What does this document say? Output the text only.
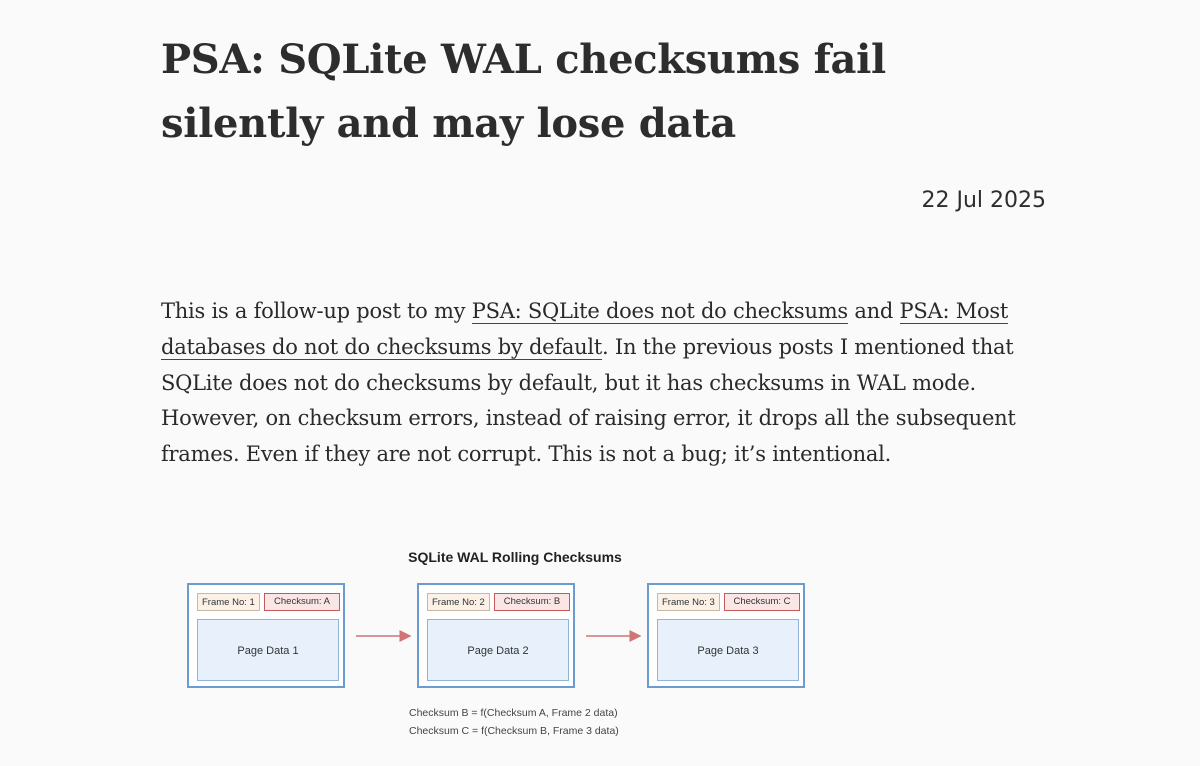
PSA: SQLite WAL checksums fail
silently and may lose data
22 Jul 2025

This is a follow-up post to my PSA: SQLite does not do checksums and PSA: Most databases do not do checksums by default. In the previous posts I mentioned that SQLite does not do checksums by default, but it has checksums in WAL mode. However, on checksum errors, instead of raising error, it drops all the subsequent frames. Even if they are not corrupt. This is not a bug; it’s intentional.

SQLite WAL Rolling Checksums
Frame No: 1	Checksum: A
Page Data 1
Frame No: 2	Checksum: B
Page Data 2
Frame No: 3	Checksum: C
Page Data 3
Checksum B = f(Checksum A, Frame 2 data)
Checksum C = f(Checksum B, Frame 3 data)
